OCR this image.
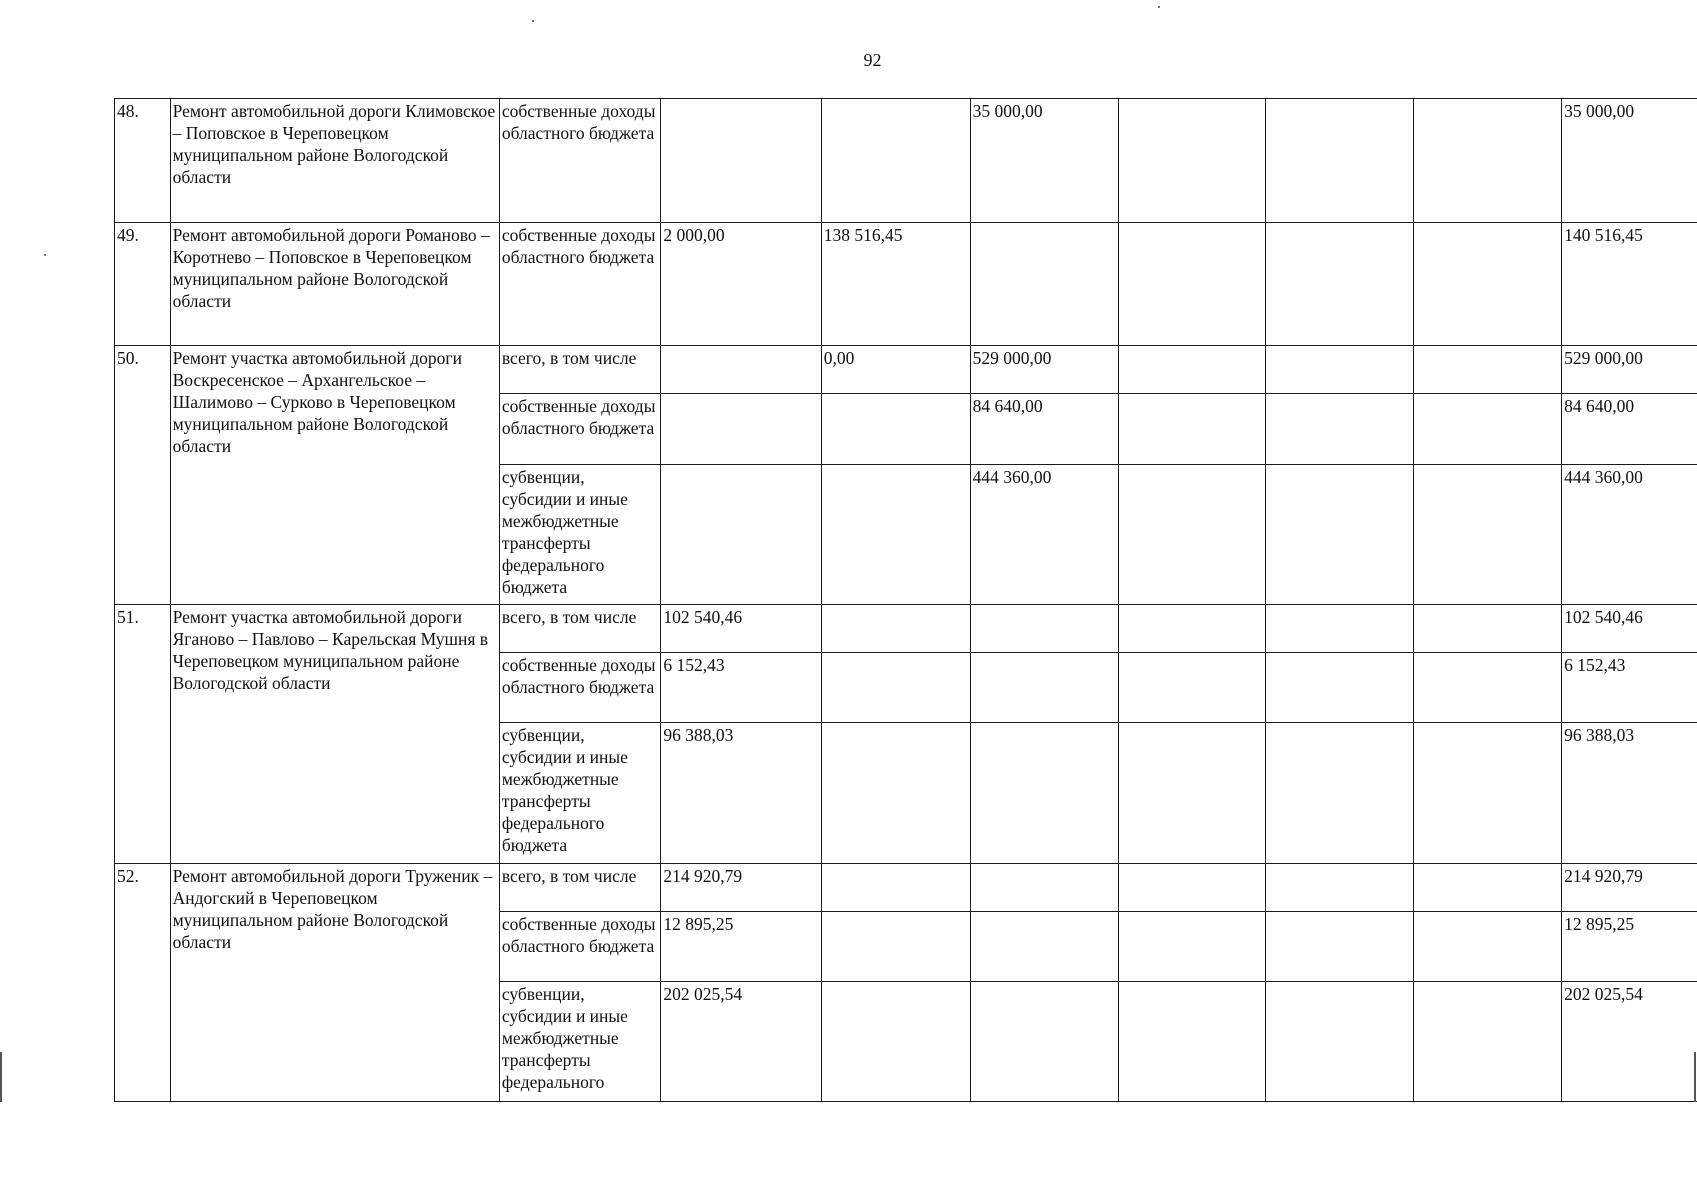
92
48.	Ремонт автомобильной дороги Климовское – Поповское в Череповецком муниципальном районе Вологодской области	собственные доходы областного бюджета			35 000,00				35 000,00
49.	Ремонт автомобильной дороги Романово – Коротнево – Поповское в Череповецком муниципальном районе Вологодской области	собственные доходы областного бюджета	2 000,00	138 516,45					140 516,45
50.	Ремонт участка автомобильной дороги Воскресенское – Архангельское – Шалимово – Сурково в Череповецком муниципальном районе Вологодской области	всего, в том числе		0,00	529 000,00				529 000,00
		собственные доходы областного бюджета			84 640,00				84 640,00
		субвенции, субсидии и иные межбюджетные трансферты федерального бюджета			444 360,00				444 360,00
51.	Ремонт участка автомобильной дороги Яганово – Павлово – Карельская Мушня в Череповецком муниципальном районе Вологодской области	всего, в том числе	102 540,46						102 540,46
		собственные доходы областного бюджета	6 152,43						6 152,43
		субвенции, субсидии и иные межбюджетные трансферты федерального бюджета	96 388,03						96 388,03
52.	Ремонт автомобильной дороги Труженик – Андогский в Череповецком муниципальном районе Вологодской области	всего, в том числе	214 920,79						214 920,79
		собственные доходы областного бюджета	12 895,25						12 895,25
		субвенции, субсидии и иные межбюджетные трансферты федерального	202 025,54						202 025,54
